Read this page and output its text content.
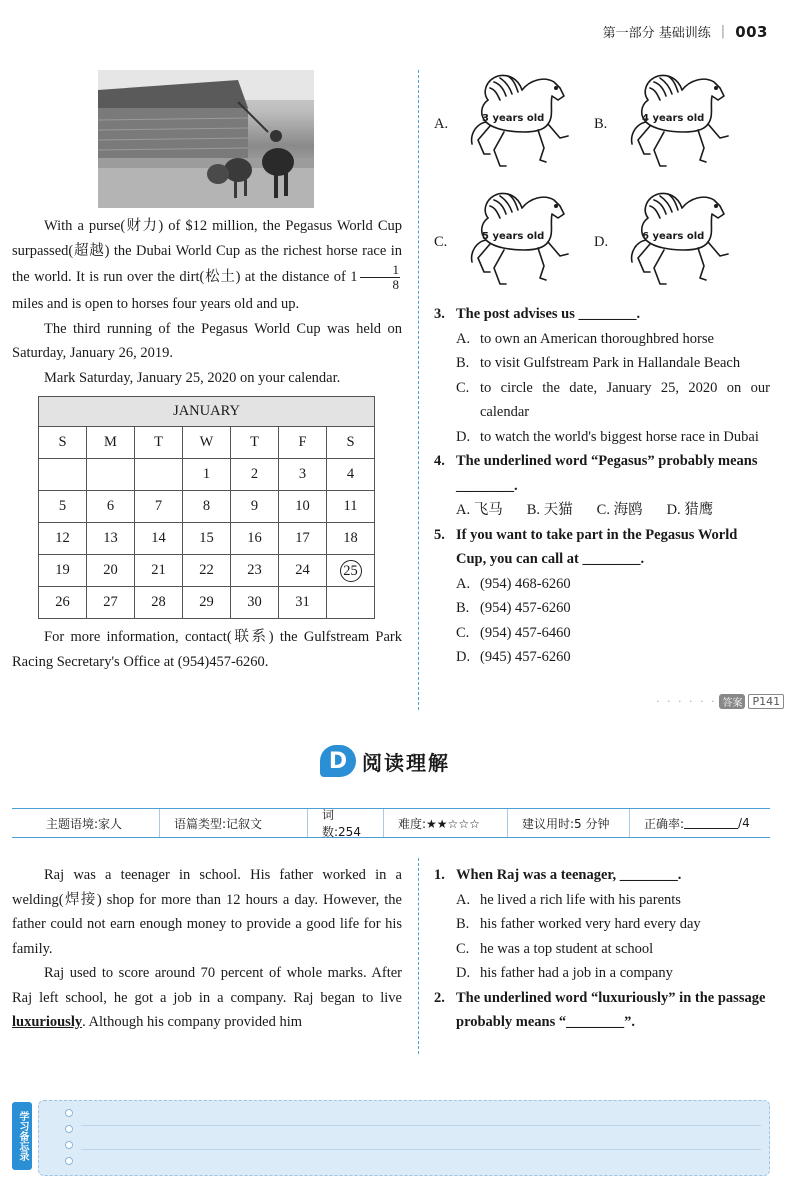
第一部分 基础训练 | 003

With a purse(财力) of $12 million, the Pegasus World Cup surpassed(超越) the Dubai World Cup as the richest horse race in the world. It is run over the dirt(松土) at the distance of $1 \frac{1}{8}$
miles and is open to horses four years old and up.

The third running of the Pegasus World Cup was held on Saturday, January 26, 2019.

Mark Saturday, January 25, 2020 on your calendar.

JANUARY						
S	M	T	W	T	F	S
			1	2	3	4
5	6	7	8	9	10	11
12	13	14	15	16	17	18
19	20	21	22	23	24	25
26	27	28	29	30	31	

For more information, contact(联系) the Gulfstream Park Racing Secretary's Office at (954)457-6260.

A.	3 years old	B.	4 years old
C.	5 years old	D.	6 years old
3. The post advises us ________.
A. to own an American thoroughbred horse
B. to visit Gulfstream Park in Hallandale Beach
C. to circle the date, January 25, 2020 on our calendar
D. to watch the world's biggest horse race in Dubai
4. The underlined word “Pegasus” probably means ________.
A. 飞马 B. 天猫 C. 海鸥 D. 猎鹰
5. If you want to take part in the Pegasus World Cup, you can call at ________.
A. (954) 468-6260
B. (954) 457-6260
C. (954) 457-6460
D. (945) 457-6260
· · · · · · 答案 P141
D 阅读理解
主题语境:家人	语篇类型:记叙文
词数:254
难度:★★☆☆☆	建议用时:5 分钟	正确率:	/4

Raj was a teenager in school. His father worked in a welding(焊接) shop for more than 12 hours a day. However, the father could not earn enough money to provide a good life for his family.

Raj used to score around 70 percent of whole marks. After Raj left school, he got a job in a company. Raj began to live luxuriously. Although his company provided him

1. When Raj was a teenager, ________.
A. he lived a rich life with his parents
B. his father worked very hard every day
C. he was a top student at school
D. his father had a job in a company
2. The underlined word “luxuriously” in the passage probably means “________”.
学习备忘录
